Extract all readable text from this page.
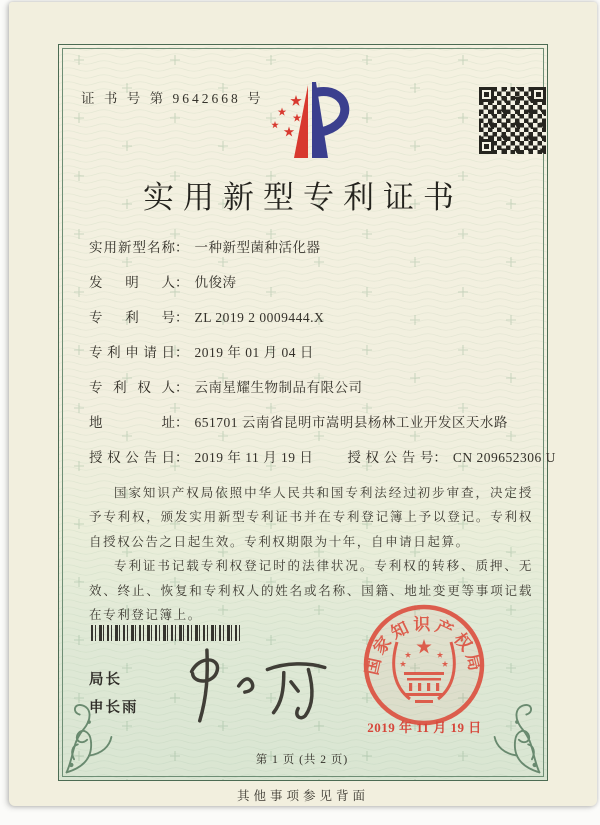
证 书 号 第 9642668 号
实用新型专利证书
实用新型名称： 一种新型菌种活化器
发明人： 仇俊涛
专利号： ZL 2019 2 0009444.X
专利申请日： 2019 年 01 月 04 日
专利权人： 云南星耀生物制品有限公司
地址： 651701 云南省昆明市嵩明县杨林工业开发区天水路
授权公告日： 2019 年 11 月 19 日	授权公告号： CN 209652306 U

国家知识产权局依照中华人民共和国专利法经过初步审查，决定授予专利权，颁发实用新型专利证书并在专利登记簿上予以登记。专利权自授权公告之日起生效。专利权期限为十年，自申请日起算。

专利证书记载专利权登记时的法律状况。专利权的转移、质押、无效、终止、恢复和专利权人的姓名或名称、国籍、地址变更等事项记载在专利登记簿上。

局长
申长雨
国家知识产权局
2019 年 11 月 19 日
第 1 页 (共 2 页)
其他事项参见背面
